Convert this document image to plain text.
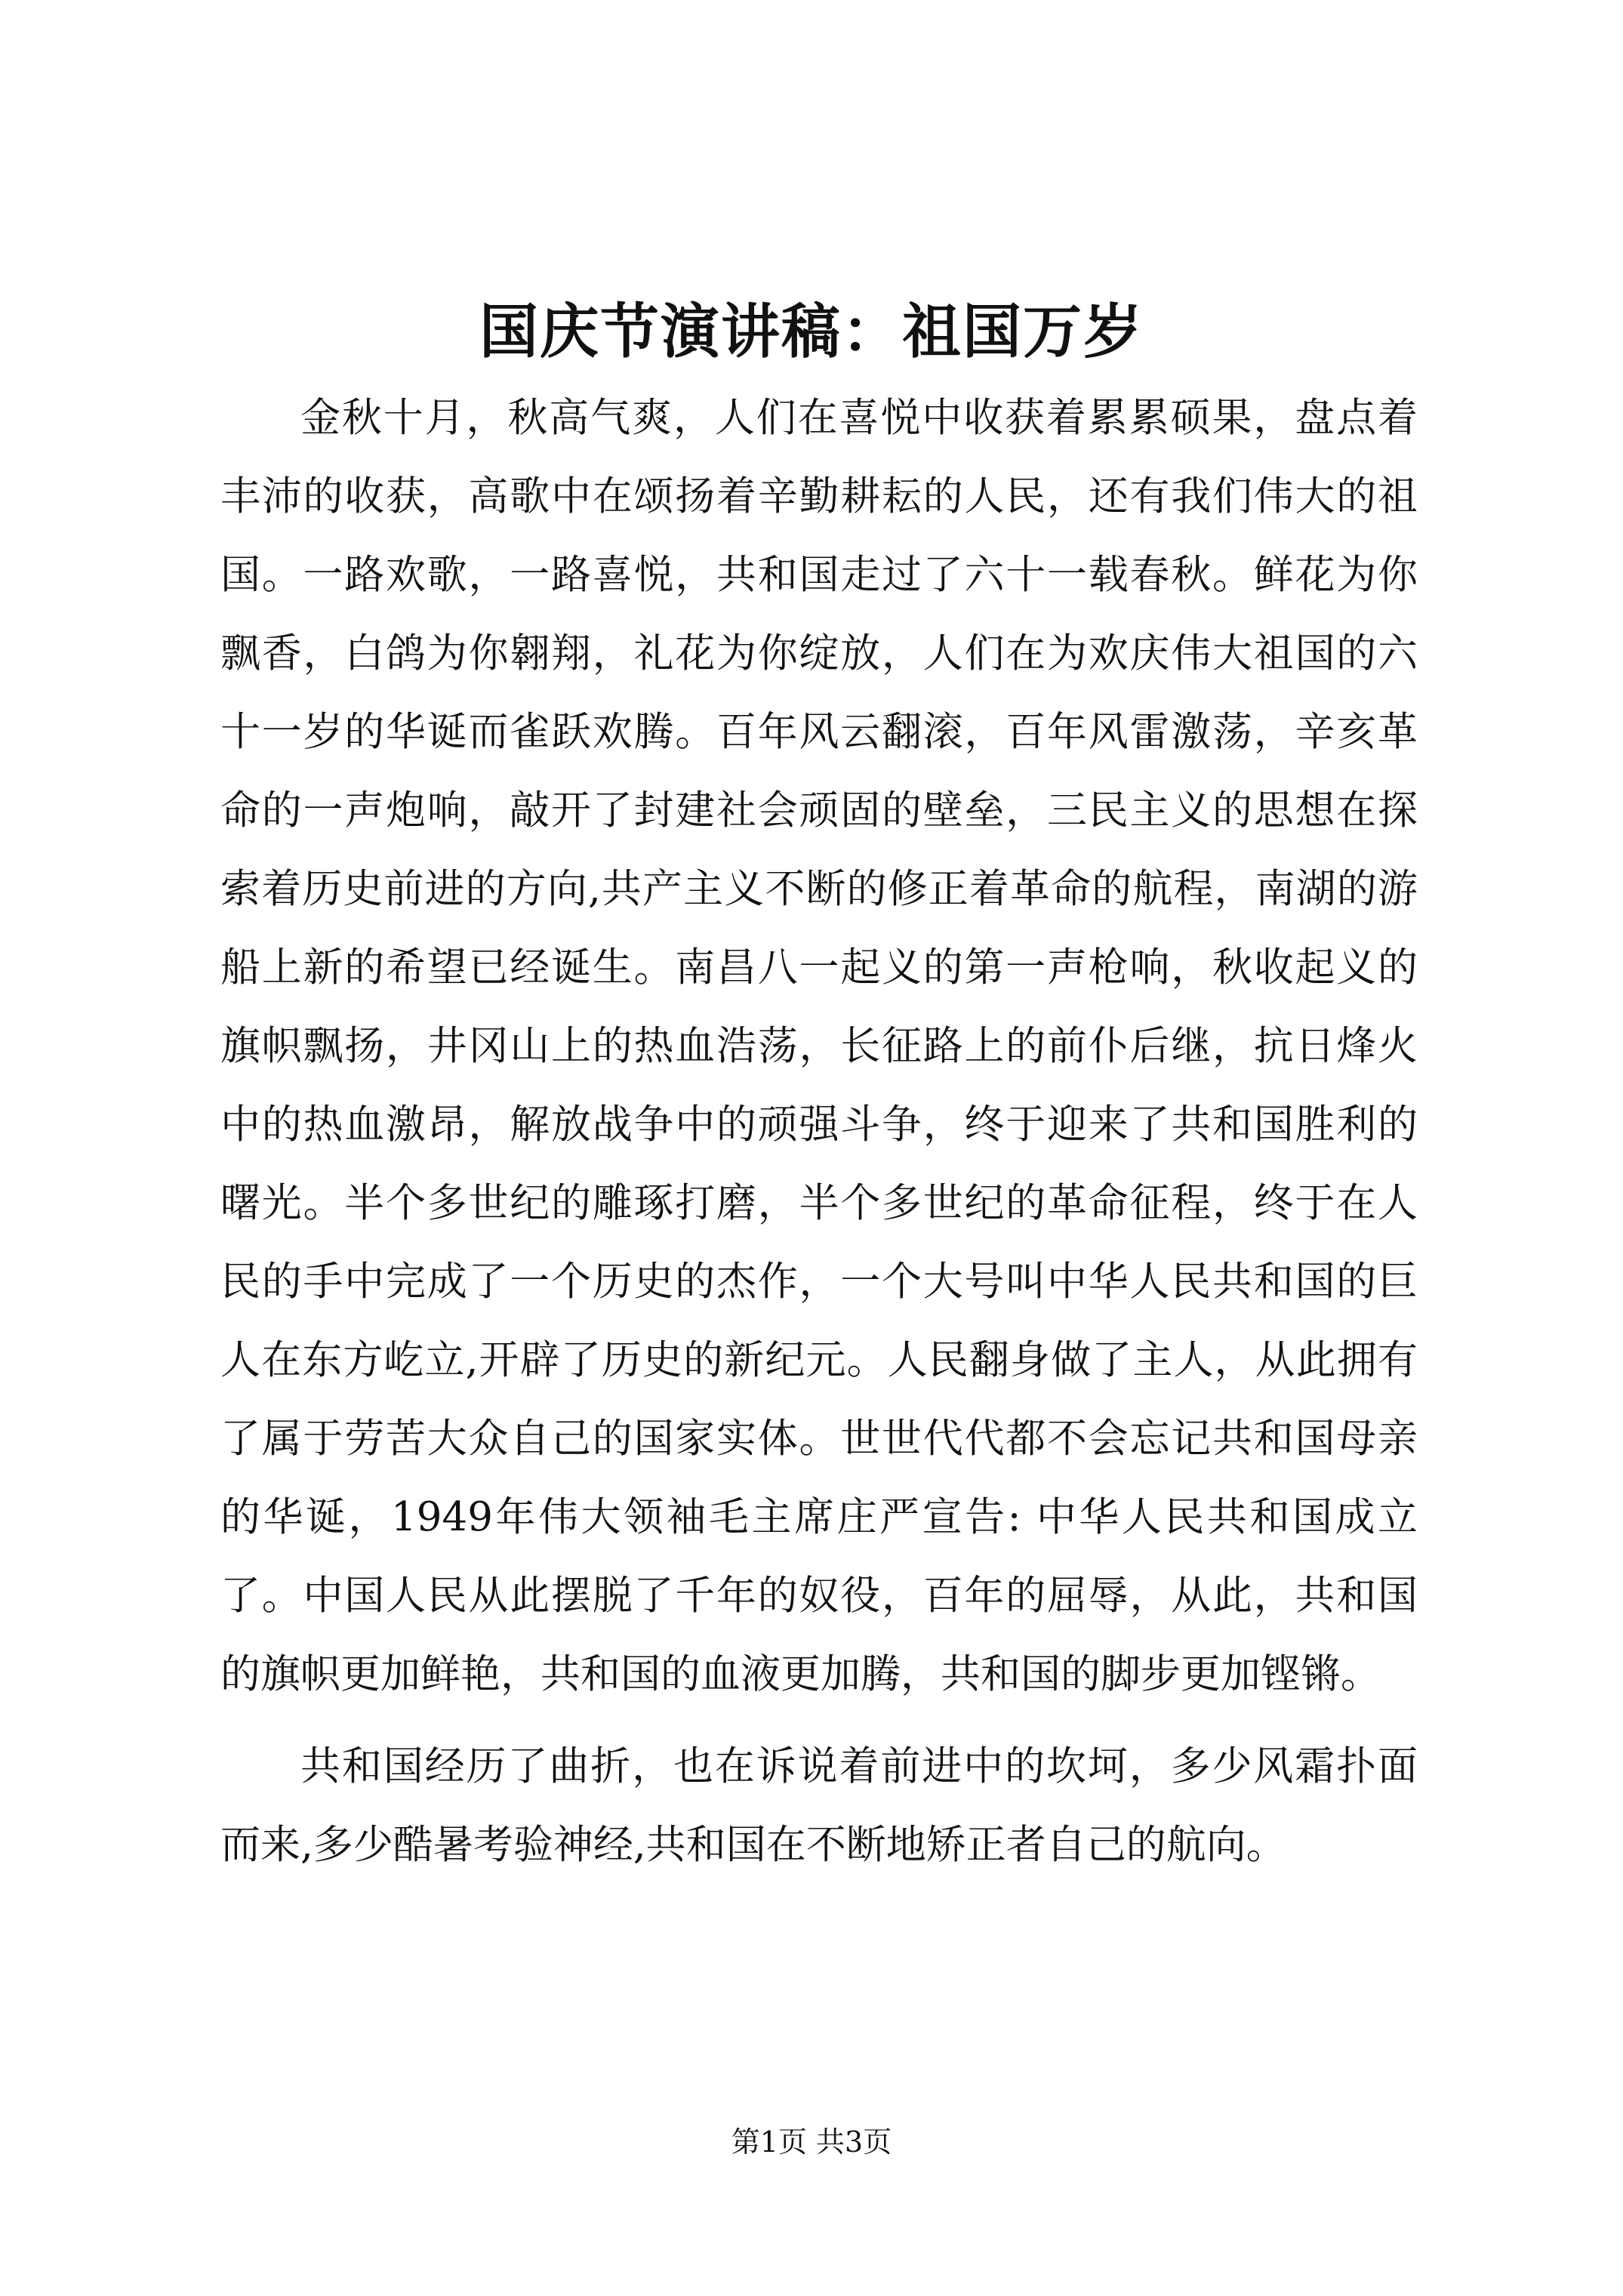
国庆节演讲稿：祖国万岁

金秋十月，秋高气爽，人们在喜悦中收获着累累硕果，盘点着丰沛的收获，高歌中在颂扬着辛勤耕耘的人民，还有我们伟大的祖国。一路欢歌，一路喜悦，共和国走过了六十一载春秋。鲜花为你飘香，白鸽为你翱翔，礼花为你绽放，人们在为欢庆伟大祖国的六十一岁的华诞而雀跃欢腾。百年风云翻滚，百年风雷激荡，辛亥革命的一声炮响，敲开了封建社会顽固的壁垒，三民主义的思想在探索着历史前进的方向,共产主义不断的修正着革命的航程，南湖的游船上新的希望已经诞生。南昌八一起义的第一声枪响，秋收起义的旗帜飘扬，井冈山上的热血浩荡，长征路上的前仆后继，抗日烽火中的热血激昂，解放战争中的顽强斗争，终于迎来了共和国胜利的曙光。半个多世纪的雕琢打磨，半个多世纪的革命征程，终于在人民的手中完成了一个历史的杰作，一个大号叫中华人民共和国的巨人在东方屹立,开辟了历史的新纪元。人民翻身做了主人，从此拥有了属于劳苦大众自己的国家实体。世世代代都不会忘记共和国母亲的华诞，1949年伟大领袖毛主席庄严宣告: 中华人民共和国成立了。中国人民从此摆脱了千年的奴役，百年的屈辱，从此，共和国的旗帜更加鲜艳，共和国的血液更加腾，共和国的脚步更加铿锵。

共和国经历了曲折，也在诉说着前进中的坎坷，多少风霜扑面而来,多少酷暑考验神经,共和国在不断地矫正者自己的航向。

第1页 共3页
